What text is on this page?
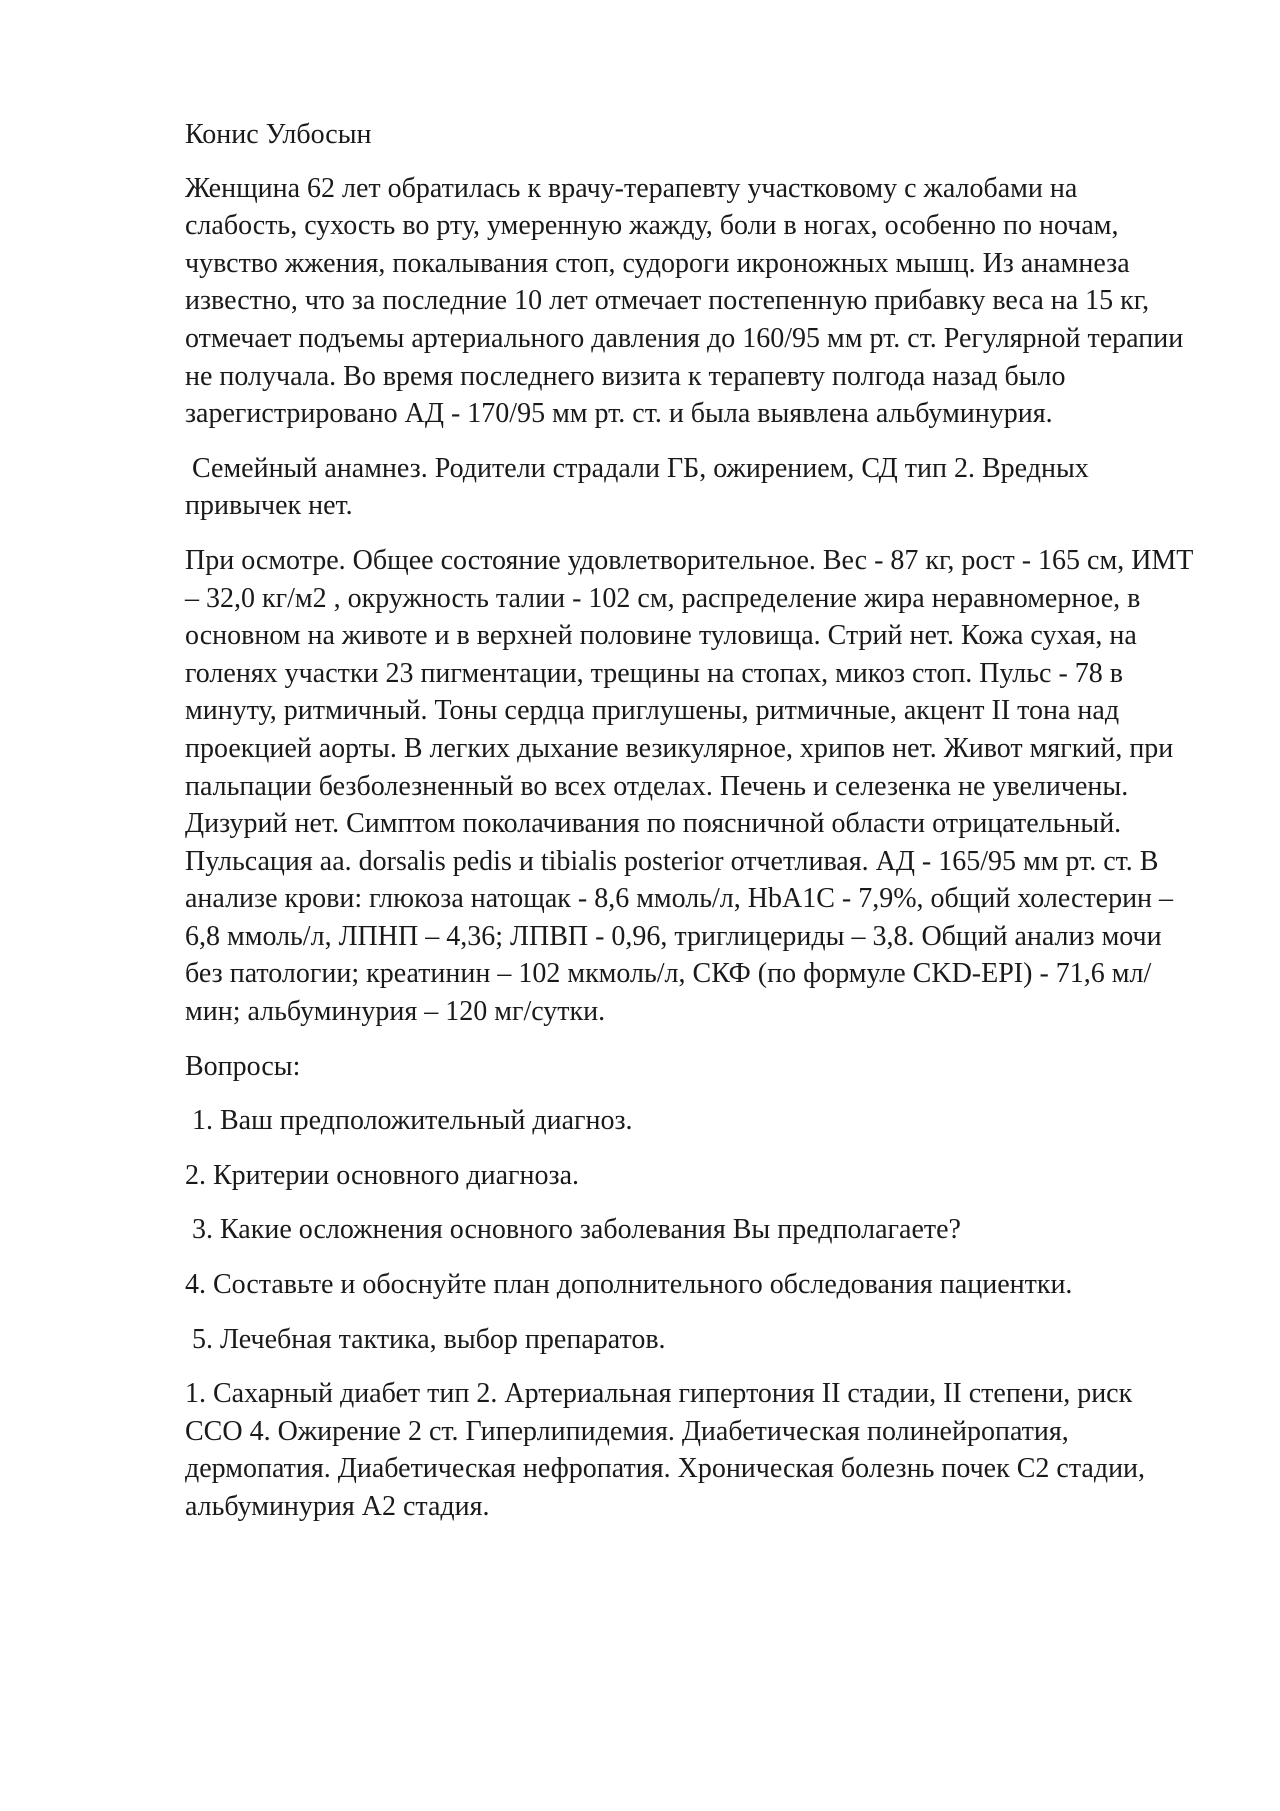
Конис Улбосын

Женщина 62 лет обратилась к врачу-терапевту участковому с жалобами на слабость, сухость во рту, умеренную жажду, боли в ногах, особенно по ночам, чувство жжения, покалывания стоп, судороги икроножных мышц. Из анамнеза известно, что за последние 10 лет отмечает постепенную прибавку веса на 15 кг, отмечает подъемы артериального давления до 160/95 мм рт. ст. Регулярной терапии не получала. Во время последнего визита к терапевту полгода назад было зарегистрировано АД - 170/95 мм рт. ст. и была выявлена альбуминурия.

Семейный анамнез. Родители страдали ГБ, ожирением, СД тип 2. Вредных привычек нет.

При осмотре. Общее состояние удовлетворительное. Вес - 87 кг, рост - 165 см, ИМТ – 32,0 кг/м2 , окружность талии - 102 см, распределение жира неравномерное, в основном на животе и в верхней половине туловища. Стрий нет. Кожа сухая, на голенях участки 23 пигментации, трещины на стопах, микоз стоп. Пульс - 78 в минуту, ритмичный. Тоны сердца приглушены, ритмичные, акцент II тона над проекцией аорты. В легких дыхание везикулярное, хрипов нет. Живот мягкий, при пальпации безболезненный во всех отделах. Печень и селезенка не увеличены. Дизурий нет. Симптом поколачивания по поясничной области отрицательный. Пульсация aa. dorsalis pedis и tibialis posterior отчетливая. АД - 165/95 мм рт. ст. В анализе крови: глюкоза натощак - 8,6 ммоль/л, HbA1C - 7,9%, общий холестерин – 6,8 ммоль/л, ЛПНП – 4,36; ЛПВП - 0,96, триглицериды – 3,8. Общий анализ мочи без патологии; креатинин – 102 мкмоль/л, СКФ (по формуле CKD-EPI) - 71,6 мл/мин; альбуминурия – 120 мг/сутки.

Вопросы:

1. Ваш предположительный диагноз.

2. Критерии основного диагноза.

3. Какие осложнения основного заболевания Вы предполагаете?

4. Составьте и обоснуйте план дополнительного обследования пациентки.

5. Лечебная тактика, выбор препаратов.

1. Сахарный диабет тип 2. Артериальная гипертония II стадии, II степени, риск ССО 4. Ожирение 2 ст. Гиперлипидемия. Диабетическая полинейропатия, дермопатия. Диабетическая нефропатия. Хроническая болезнь почек С2 стадии, альбуминурия А2 стадия.
